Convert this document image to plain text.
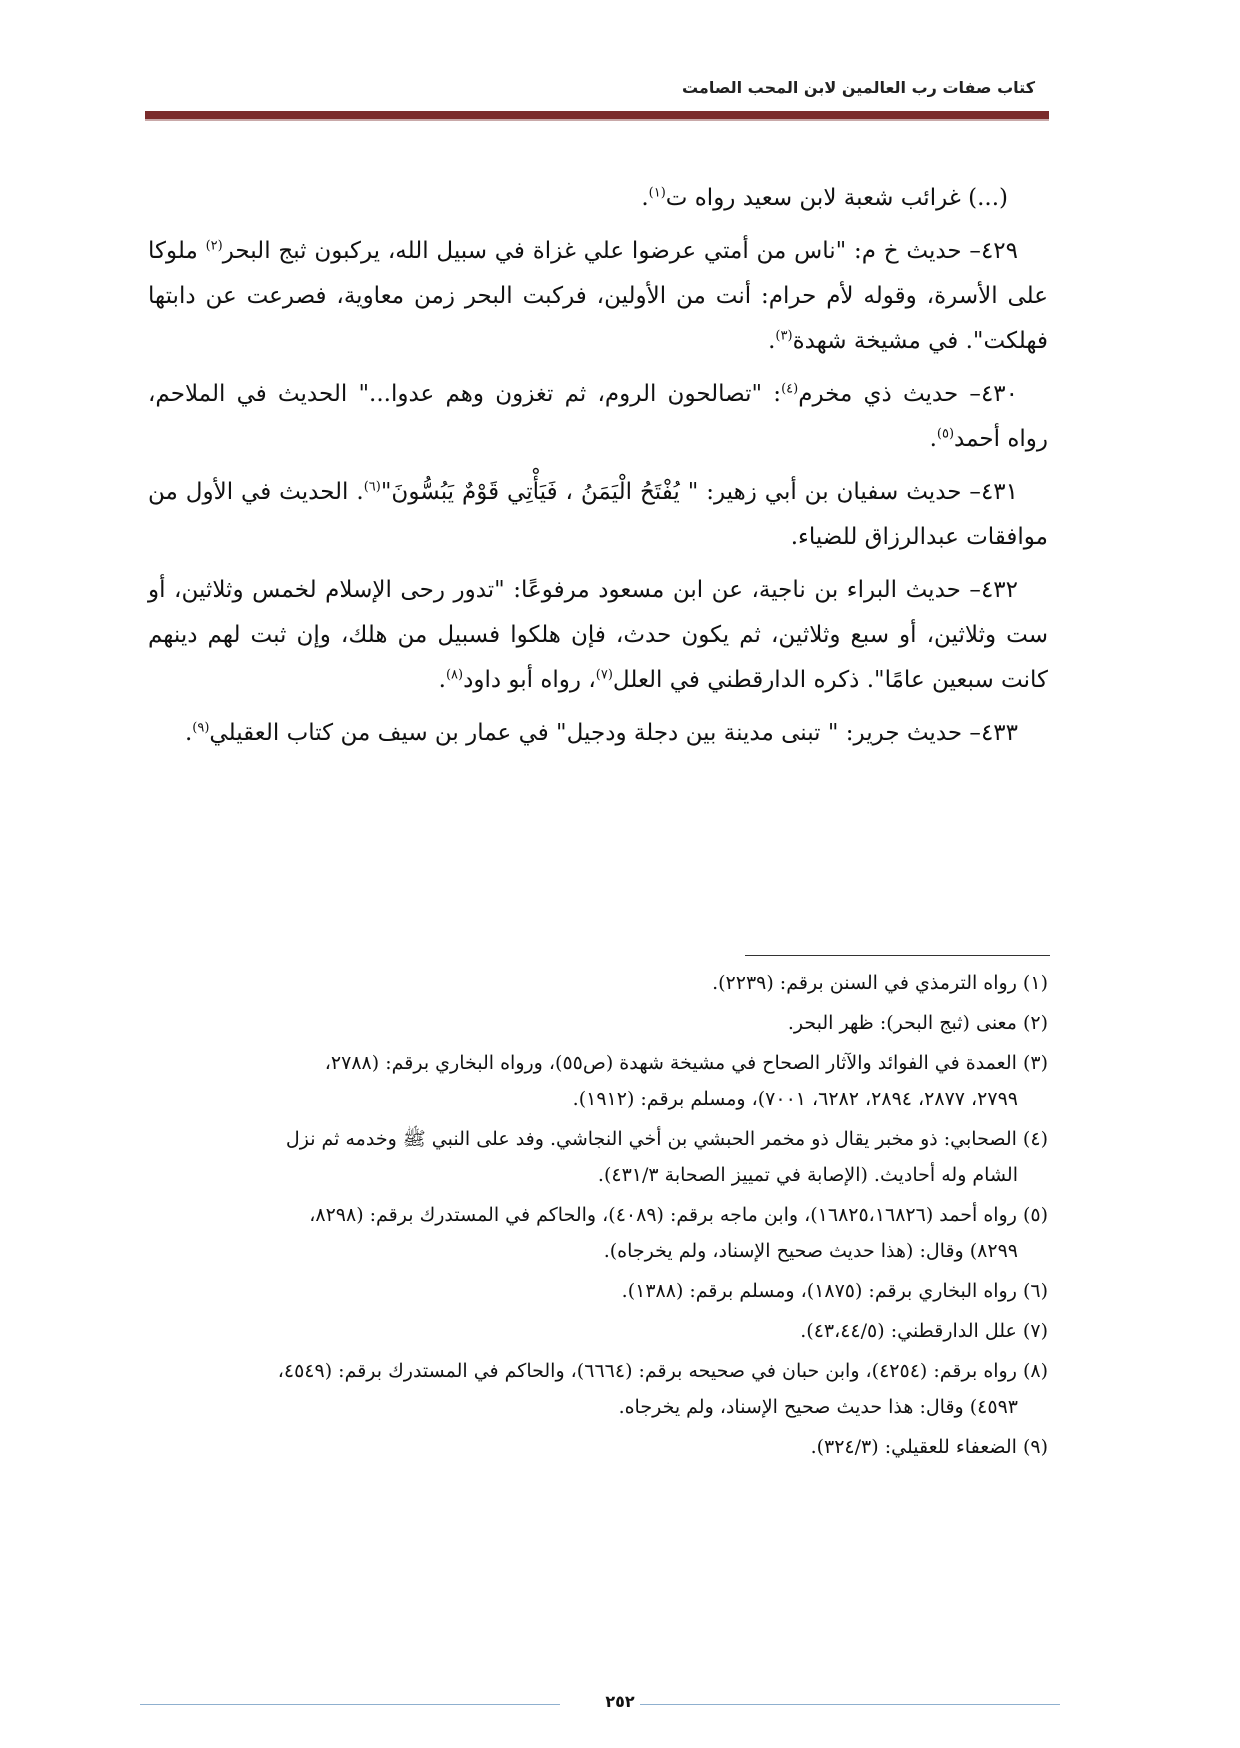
كتاب صفات رب العالمين لابن المحب الصامت

(...) غرائب شعبة لابن سعيد رواه ت$^{(١)}$.

٤٢٩– حديث خ م: "ناس من أمتي عرضوا علي غزاة في سبيل الله، يركبون ثبج البحر$^{(٢)}$ ملوكا على الأسرة، وقوله لأم حرام: أنت من الأولين، فركبت البحر زمن معاوية، فصرعت عن دابتها فهلكت". في مشيخة شهدة$^{(٣)}$.

٤٣٠– حديث ذي مخرم$^{(٤)}$: "تصالحون الروم، ثم تغزون وهم عدوا..." الحديث في الملاحم، رواه أحمد$^{(٥)}$.

٤٣١– حديث سفيان بن أبي زهير: " يُفْتَحُ الْيَمَنُ ، فَيَأْتِي قَوْمٌ يَبُسُّونَ"$^{(٦)}$. الحديث في الأول من موافقات عبدالرزاق للضياء.

٤٣٢– حديث البراء بن ناجية، عن ابن مسعود مرفوعًا: "تدور رحى الإسلام لخمس وثلاثين، أو ست وثلاثين، أو سبع وثلاثين، ثم يكون حدث، فإن هلكوا فسبيل من هلك، وإن ثبت لهم دينهم كانت سبعين عامًا". ذكره الدارقطني في العلل$^{(٧)}$، رواه أبو داود$^{(٨)}$.

٤٣٣– حديث جرير: " تبنى مدينة بين دجلة ودجيل" في عمار بن سيف من كتاب العقيلي$^{(٩)}$.

(١) رواه الترمذي في السنن برقم: (٢٢٣٩).
(٢) معنى (ثبج البحر): ظهر البحر.
(٣) العمدة في الفوائد والآثار الصحاح في مشيخة شهدة (ص٥٥)، ورواه البخاري برقم: (٢٧٨٨،
٢٧٩٩، ٢٨٧٧، ٢٨٩٤، ٦٢٨٢، ٧٠٠١)، ومسلم برقم: (١٩١٢).
(٤) الصحابي: ذو مخبر يقال ذو مخمر الحبشي بن أخي النجاشي. وفد على النبي ﷺ وخدمه ثم نزل
الشام وله أحاديث. (الإصابة في تمييز الصحابة ٤٣١/٣).
(٥) رواه أحمد (١٦٨٢٥،١٦٨٢٦)، وابن ماجه برقم: (٤٠٨٩)، والحاكم في المستدرك برقم: (٨٢٩٨،
٨٢٩٩) وقال: (هذا حديث صحيح الإسناد، ولم يخرجاه).
(٦) رواه البخاري برقم: (١٨٧٥)، ومسلم برقم: (١٣٨٨).
(٧) علل الدارقطني: (٤٣،٤٤/٥).
(٨) رواه برقم: (٤٢٥٤)، وابن حبان في صحيحه برقم: (٦٦٦٤)، والحاكم في المستدرك برقم: (٤٥٤٩،
٤٥٩٣) وقال: هذا حديث صحيح الإسناد، ولم يخرجاه.
(٩) الضعفاء للعقيلي: (٣٢٤/٣).
٢٥٢
